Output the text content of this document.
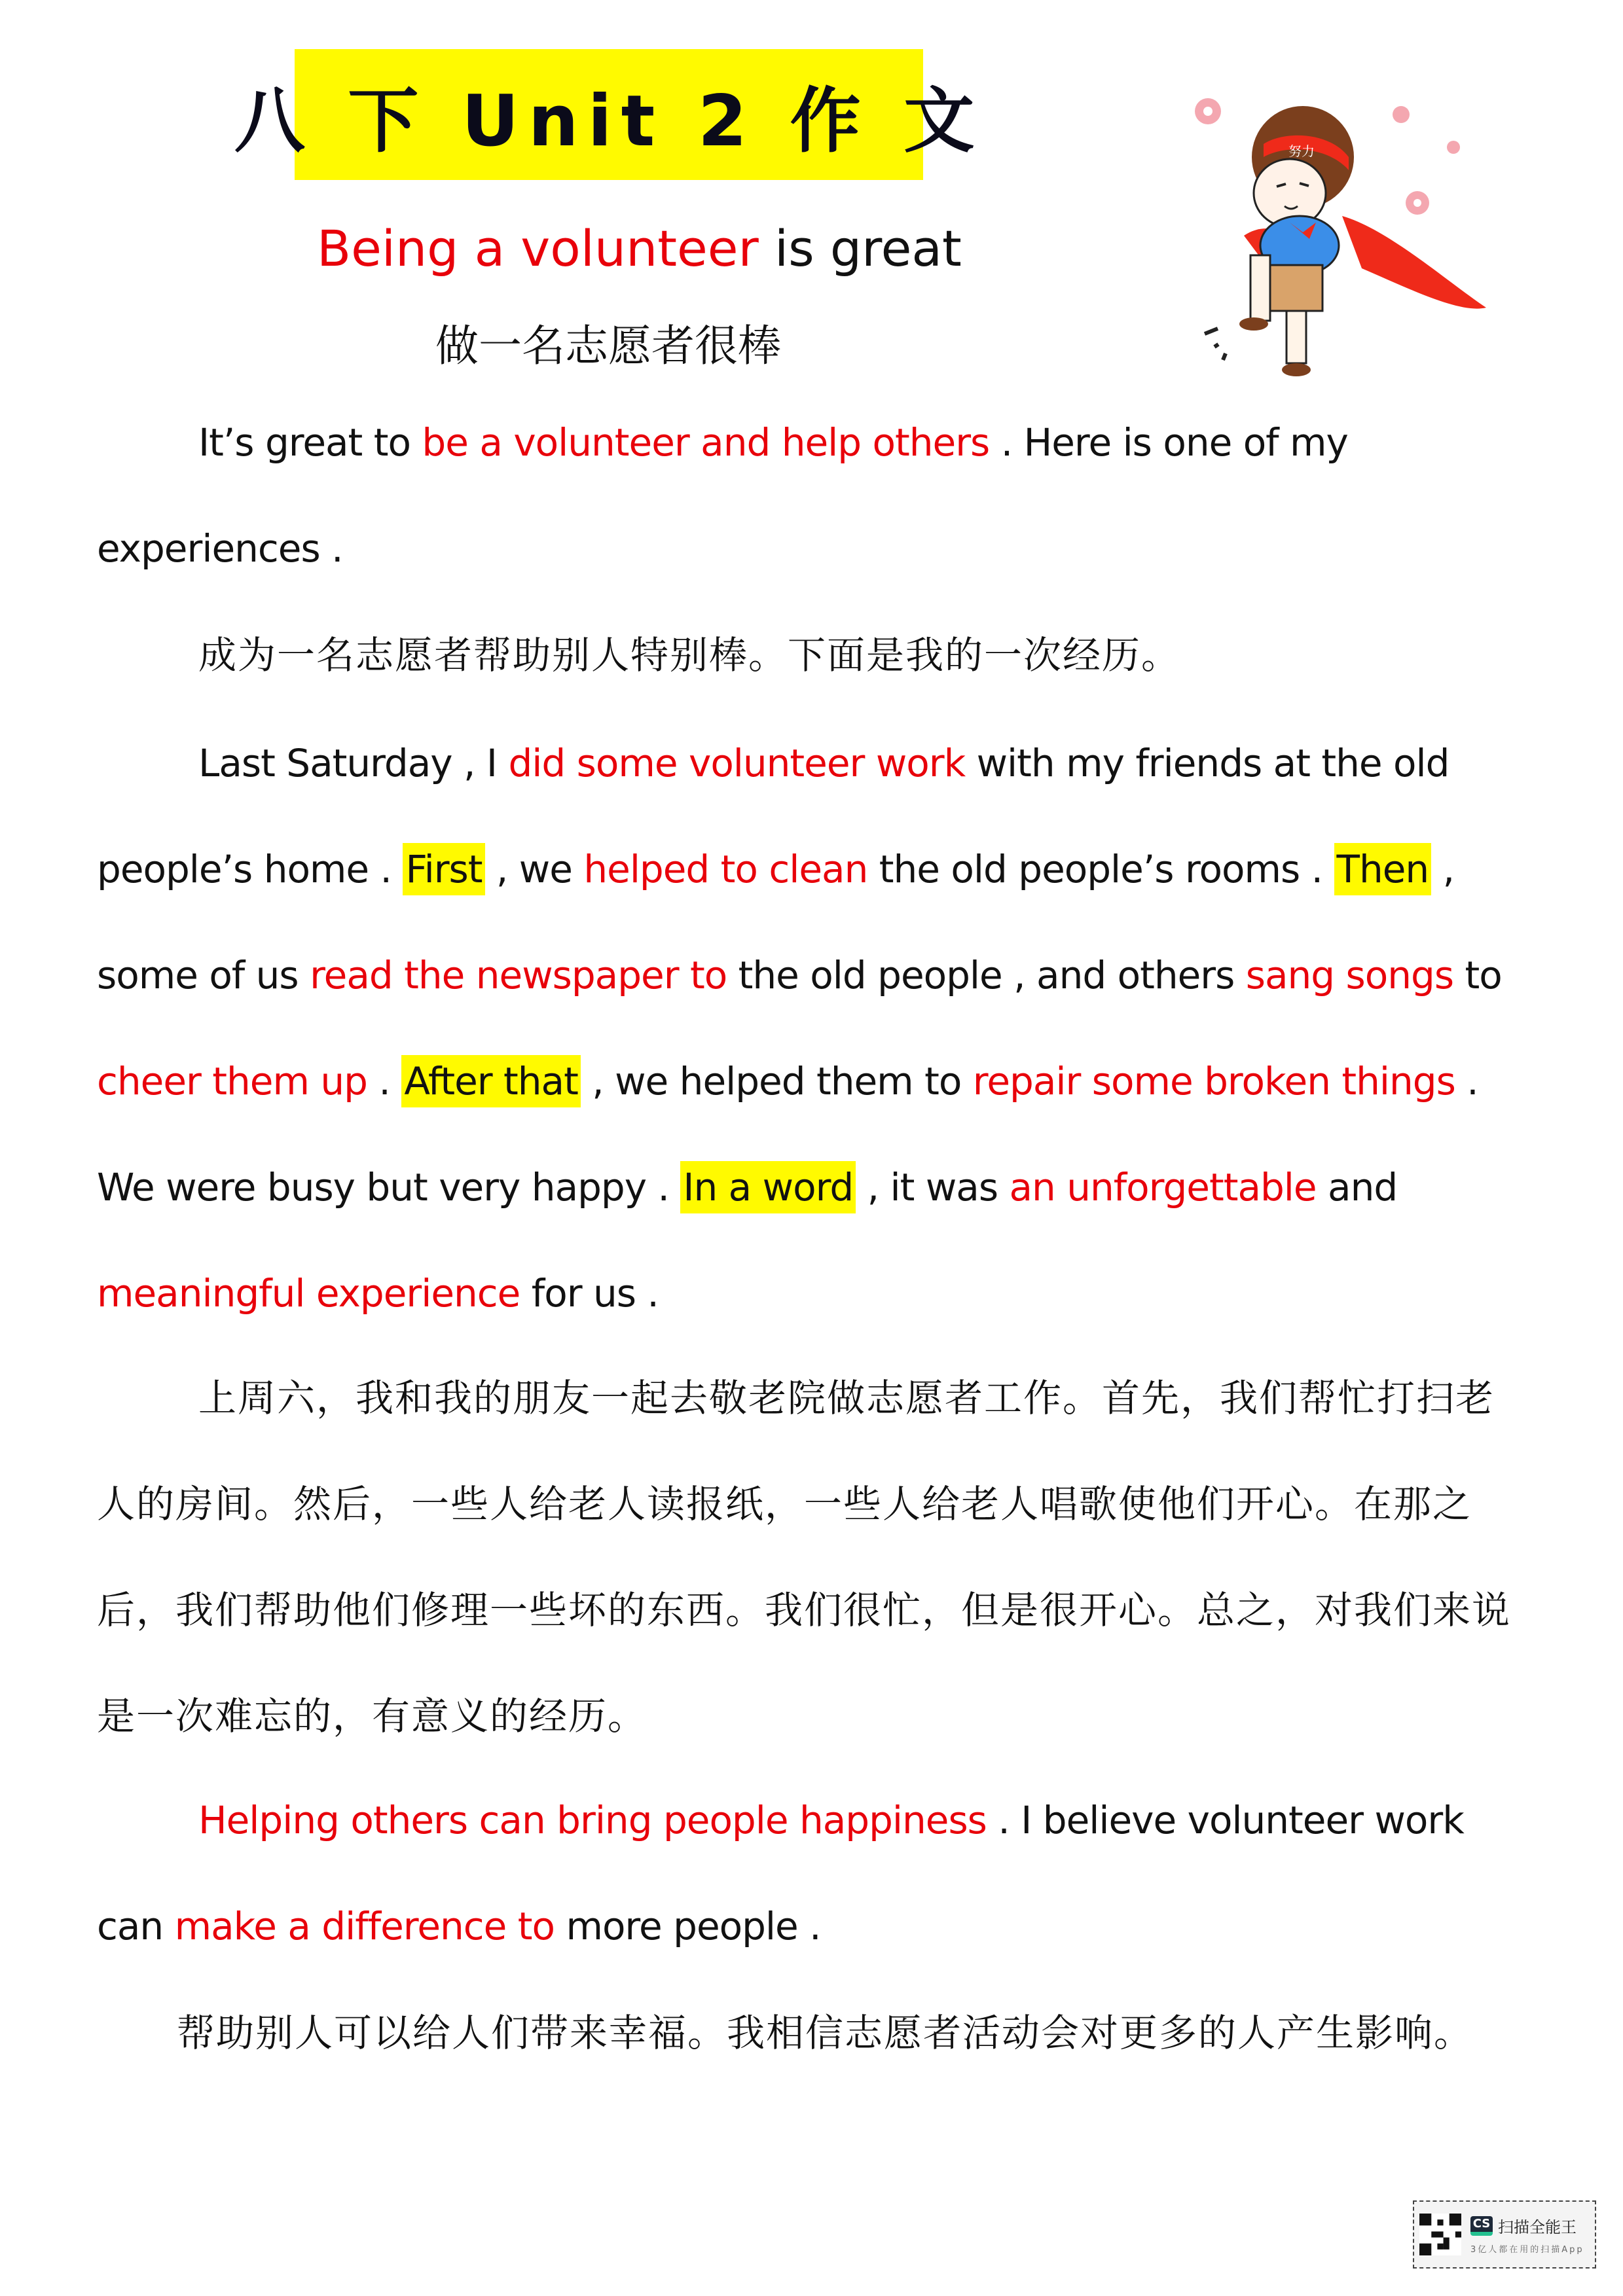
八 下 Unit 2 作 文
Being a volunteer is great
做一名志愿者很棒
努力
It’s great to be a volunteer and help others . Here is one of my experiences .
成为一名志愿者帮助别人特别棒。下面是我的一次经历。
Last Saturday , I did some volunteer work with my friends at the old people’s home . First , we helped to clean the old people’s rooms . Then , some of us read the newspaper to the old people , and others sang songs to cheer them up . After that , we helped them to repair some broken things . We were busy but very happy . In a word , it was an unforgettable and meaningful experience for us .
上周六，我和我的朋友一起去敬老院做志愿者工作。首先，我们帮忙打扫老人的房间。然后，一些人给老人读报纸，一些人给老人唱歌使他们开心。在那之后，我们帮助他们修理一些坏的东西。我们很忙，但是很开心。总之，对我们来说是一次难忘的，有意义的经历。
Helping others can bring people happiness . I believe volunteer work can make a difference to more people .
帮助别人可以给人们带来幸福。我相信志愿者活动会对更多的人产生影响。
CS 扫描全能王
3亿人都在用的扫描App
